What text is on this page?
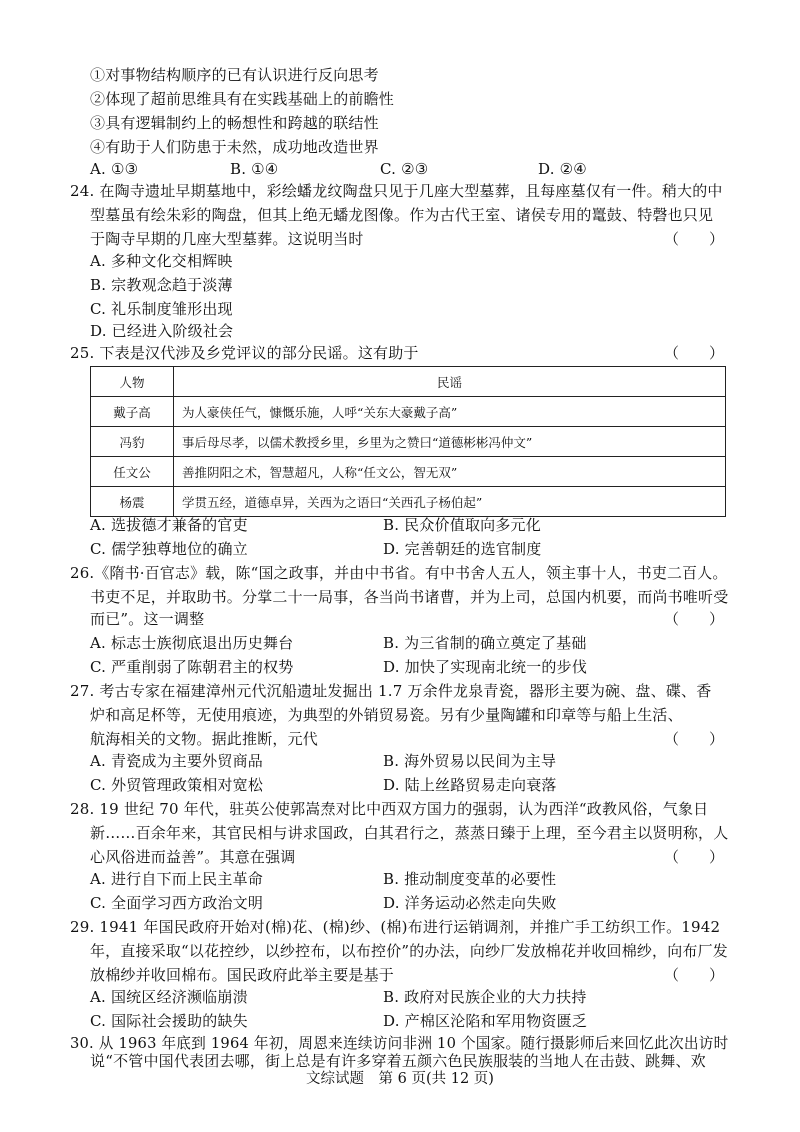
①对事物结构顺序的已有认识进行反向思考
②体现了超前思维具有在实践基础上的前瞻性
③具有逻辑制约上的畅想性和跨越的联结性
④有助于人们防患于未然，成功地改造世界
A. ①③	B. ①④	C. ②③	D. ②④
24. 在陶寺遗址早期墓地中，彩绘蟠龙纹陶盘只见于几座大型墓葬，且每座墓仅有一件。稍大的中
型墓虽有绘朱彩的陶盘，但其上绝无蟠龙图像。作为古代王室、诸侯专用的鼍鼓、特磬也只见
于陶寺早期的几座大型墓葬。这说明当时	（　　）
A. 多种文化交相辉映
B. 宗教观念趋于淡薄
C. 礼乐制度雏形出现
D. 已经进入阶级社会
25. 下表是汉代涉及乡党评议的部分民谣。这有助于	（　　）
人物	民谣
戴子高	为人豪侠任气，慷慨乐施，人呼“关东大豪戴子高”
冯豹	事后母尽孝，以儒术教授乡里，乡里为之赞曰“道德彬彬冯仲文”
任文公	善推阴阳之术，智慧超凡，人称“任文公，智无双”
杨震	学贯五经，道德卓异，关西为之语曰“关西孔子杨伯起”
A. 选拔德才兼备的官吏	B. 民众价值取向多元化
C. 儒学独尊地位的确立	D. 完善朝廷的选官制度
26.《隋书·百官志》载，陈“国之政事，并由中书省。有中书舍人五人，领主事十人，书吏二百人。
书吏不足，并取助书。分掌二十一局事，各当尚书诸曹，并为上司，总国内机要，而尚书唯听受
而已”。这一调整	（　　）
A. 标志士族彻底退出历史舞台	B. 为三省制的确立奠定了基础
C. 严重削弱了陈朝君主的权势	D. 加快了实现南北统一的步伐
27. 考古专家在福建漳州元代沉船遗址发掘出 1.7 万余件龙泉青瓷，器形主要为碗、盘、碟、香
炉和高足杯等，无使用痕迹，为典型的外销贸易瓷。另有少量陶罐和印章等与船上生活、
航海相关的文物。据此推断，元代	（　　）
A. 青瓷成为主要外贸商品	B. 海外贸易以民间为主导
C. 外贸管理政策相对宽松	D. 陆上丝路贸易走向衰落
28. 19 世纪 70 年代，驻英公使郭嵩焘对比中西双方国力的强弱，认为西洋“政教风俗，气象日
新……百余年来，其官民相与讲求国政，白其君行之，蒸蒸日臻于上理，至今君主以贤明称，人
心风俗进而益善”。其意在强调	（　　）
A. 进行自下而上民主革命	B. 推动制度变革的必要性
C. 全面学习西方政治文明	D. 洋务运动必然走向失败
29. 1941 年国民政府开始对(棉)花、(棉)纱、(棉)布进行运销调剂，并推广手工纺织工作。1942
年，直接采取“以花控纱，以纱控布，以布控价”的办法，向纱厂发放棉花并收回棉纱，向布厂发
放棉纱并收回棉布。国民政府此举主要是基于	（　　）
A. 国统区经济濒临崩溃	B. 政府对民族企业的大力扶持
C. 国际社会援助的缺失	D. 产棉区沦陷和军用物资匮乏
30. 从 1963 年底到 1964 年初，周恩来连续访问非洲 10 个国家。随行摄影师后来回忆此次出访时
说“不管中国代表团去哪，街上总是有许多穿着五颜六色民族服装的当地人在击鼓、跳舞、欢
文综试题　第 6 页(共 12 页)
